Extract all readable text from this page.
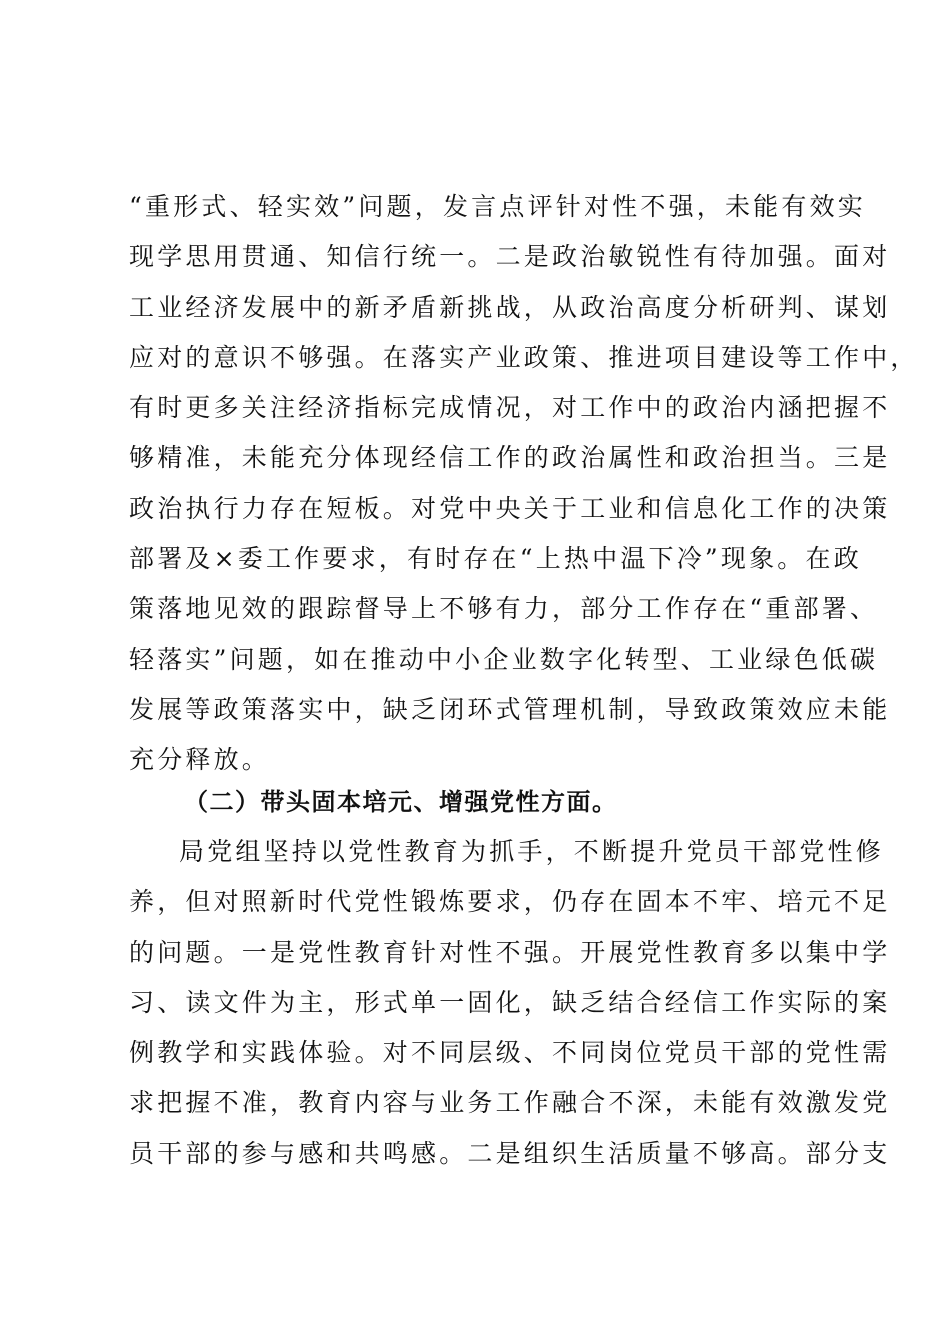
“重形式、轻实效”问题，发言点评针对性不强，未能有效实
现学思用贯通、知信行统一。二是政治敏锐性有待加强。面对
工业经济发展中的新矛盾新挑战，从政治高度分析研判、谋划
应对的意识不够强。在落实产业政策、推进项目建设等工作中，
有时更多关注经济指标完成情况，对工作中的政治内涵把握不
够精准，未能充分体现经信工作的政治属性和政治担当。三是
政治执行力存在短板。对党中央关于工业和信息化工作的决策
部署及×委工作要求，有时存在“上热中温下冷”现象。在政
策落地见效的跟踪督导上不够有力，部分工作存在“重部署、
轻落实”问题，如在推动中小企业数字化转型、工业绿色低碳
发展等政策落实中，缺乏闭环式管理机制，导致政策效应未能
充分释放。
（二）带头固本培元、增强党性方面。
局党组坚持以党性教育为抓手，不断提升党员干部党性修
养，但对照新时代党性锻炼要求，仍存在固本不牢、培元不足
的问题。一是党性教育针对性不强。开展党性教育多以集中学
习、读文件为主，形式单一固化，缺乏结合经信工作实际的案
例教学和实践体验。对不同层级、不同岗位党员干部的党性需
求把握不准，教育内容与业务工作融合不深，未能有效激发党
员干部的参与感和共鸣感。二是组织生活质量不够高。部分支
